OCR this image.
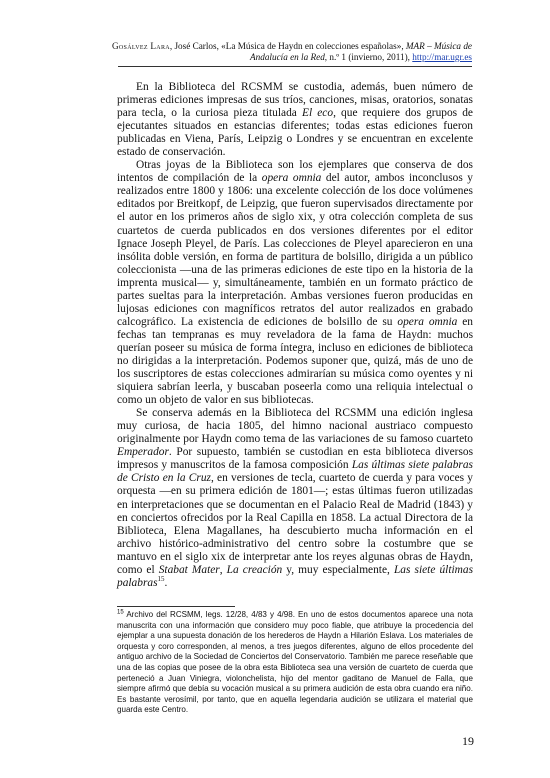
Gosálvez Lara, José Carlos, «La Música de Haydn en colecciones españolas», MAR – Música de Andalucía en la Red, n.º 1 (invierno, 2011), http://mar.ugr.es

En la Biblioteca del RCSMM se custodia, además, buen número de primeras ediciones impresas de sus tríos, canciones, misas, oratorios, sonatas para tecla, o la curiosa pieza titulada El eco, que requiere dos grupos de ejecutantes situados en estancias diferentes; todas estas ediciones fueron publicadas en Viena, París, Leipzig o Londres y se encuentran en excelente estado de conservación.

Otras joyas de la Biblioteca son los ejemplares que conserva de dos intentos de compilación de la opera omnia del autor, ambos inconclusos y realizados entre 1800 y 1806: una excelente colección de los doce volúmenes editados por Breitkopf, de Leipzig, que fueron supervisados directamente por el autor en los primeros años de siglo xix, y otra colección completa de sus cuartetos de cuerda publicados en dos versiones diferentes por el editor Ignace Joseph Pleyel, de París. Las colecciones de Pleyel aparecieron en una insólita doble versión, en forma de partitura de bolsillo, dirigida a un público coleccionista —una de las primeras ediciones de este tipo en la historia de la imprenta musical— y, simultáneamente, también en un formato práctico de partes sueltas para la interpretación. Ambas versiones fueron producidas en lujosas ediciones con magníficos retratos del autor realizados en grabado calcográfico. La existencia de ediciones de bolsillo de su opera omnia en fechas tan tempranas es muy reveladora de la fama de Haydn: muchos querían poseer su música de forma íntegra, incluso en ediciones de biblioteca no dirigidas a la interpretación. Podemos suponer que, quizá, más de uno de los suscriptores de estas colecciones admirarían su música como oyentes y ni siquiera sabrían leerla, y buscaban poseerla como una reliquia intelectual o como un objeto de valor en sus bibliotecas.

Se conserva además en la Biblioteca del RCSMM una edición inglesa muy curiosa, de hacia 1805, del himno nacional austriaco compuesto originalmente por Haydn como tema de las variaciones de su famoso cuarteto Emperador. Por supuesto, también se custodian en esta biblioteca diversos impresos y manuscritos de la famosa composición Las últimas siete palabras de Cristo en la Cruz, en versiones de tecla, cuarteto de cuerda y para voces y orquesta —en su primera edición de 1801—; estas últimas fueron utilizadas en interpretaciones que se documentan en el Palacio Real de Madrid (1843) y en conciertos ofrecidos por la Real Capilla en 1858. La actual Directora de la Biblioteca, Elena Magallanes, ha descubierto mucha información en el archivo histórico-administrativo del centro sobre la costumbre que se mantuvo en el siglo xix de interpretar ante los reyes algunas obras de Haydn, como el Stabat Mater, La creación y, muy especialmente, Las siete últimas palabras$^{15}$.

$^{15}$ Archivo del RCSMM, legs. 12/28, 4/83 y 4/98. En uno de estos documentos aparece una nota manuscrita con una información que considero muy poco fiable, que atribuye la procedencia del ejemplar a una supuesta donación de los herederos de Haydn a Hilarión Eslava. Los materiales de orquesta y coro corresponden, al menos, a tres juegos diferentes, alguno de ellos procedente del antiguo archivo de la Sociedad de Conciertos del Conservatorio. También me parece reseñable que una de las copias que posee de la obra esta Biblioteca sea una versión de cuarteto de cuerda que perteneció a Juan Viniegra, violonchelista, hijo del mentor gaditano de Manuel de Falla, que siempre afirmó que debía su vocación musical a su primera audición de esta obra cuando era niño. Es bastante verosímil, por tanto, que en aquella legendaria audición se utilizara el material que guarda este Centro.

19
